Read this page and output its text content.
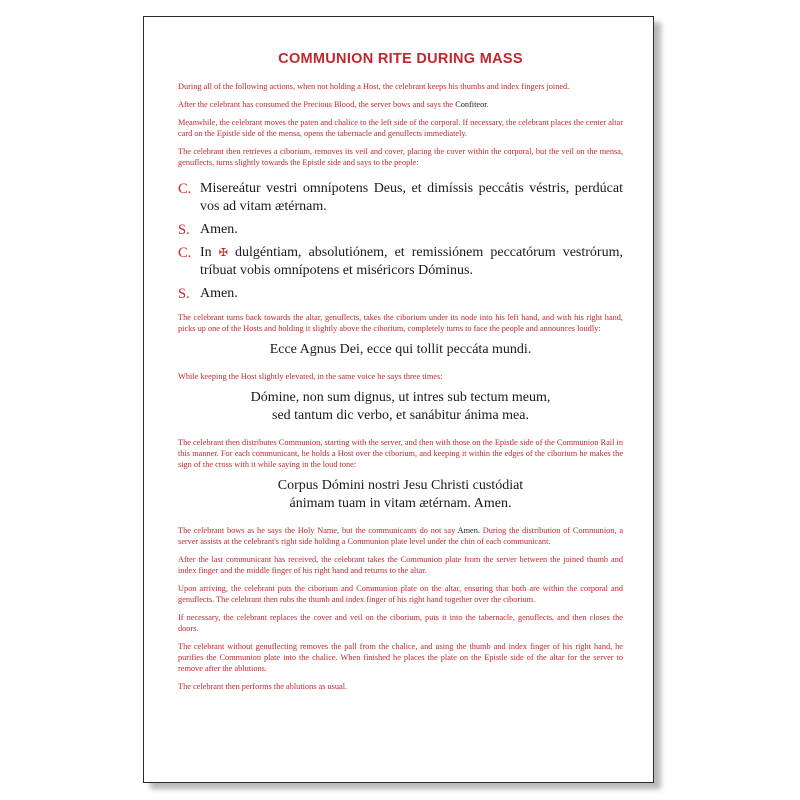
COMMUNION RITE DURING MASS

During all of the following actions, when not holding a Host, the celebrant keeps his thumbs and index fingers joined.

After the celebrant has consumed the Precious Blood, the server bows and says the Confiteor.

Meanwhile, the celebrant moves the paten and chalice to the left side of the corporal. If necessary, the celebrant places the center altar card on the Epistle side of the mensa, opens the tabernacle and genuflects immediately.

The celebrant then retrieves a ciborium, removes its veil and cover, placing the cover within the corporal, but the veil on the mensa, genuflects, turns slightly towards the Epistle side and says to the people:

C. Misereátur vestri omnípotens Deus, et dimíssis peccátis véstris, perdúcat vos ad vitam ætérnam.
S. Amen.
C. In ✠ dulgéntiam, absolutiónem, et remissiónem peccatórum vestrórum, tríbuat vobis omnípotens et miséricors Dóminus.
S. Amen.

The celebrant turns back towards the altar, genuflects, takes the ciborium under its node into his left hand, and with his right hand, picks up one of the Hosts and holding it slightly above the ciborium, completely turns to face the people and announces loudly:

Ecce Agnus Dei, ecce qui tollit peccáta mundi.

While keeping the Host slightly elevated, in the same voice he says three times:

Dómine, non sum dignus, ut intres sub tectum meum,
sed tantum dic verbo, et sanábitur ánima mea.

The celebrant then distributes Communion, starting with the server, and then with those on the Epistle side of the Communion Rail in this manner. For each communicant, he holds a Host over the ciborium, and keeping it within the edges of the ciborium he makes the sign of the cross with it while saying in the loud tone:

Corpus Dómini nostri Jesu Christi custódiat
ánimam tuam in vitam ætérnam. Amen.

The celebrant bows as he says the Holy Name, but the communicants do not say Amen. During the distribution of Communion, a server assists at the celebrant's right side holding a Communion plate level under the chin of each communicant.

After the last communicant has received, the celebrant takes the Communion plate from the server between the joined thumb and index finger and the middle finger of his right hand and returns to the altar.

Upon arriving, the celebrant puts the ciborium and Communion plate on the altar, ensuring that both are within the corporal and genuflects. The celebrant then rubs the thumb and index finger of his right hand together over the ciborium.

If necessary, the celebrant replaces the cover and veil on the ciborium, puts it into the tabernacle, genuflects, and then closes the doors.

The celebrant without genuflecting removes the pall from the chalice, and using the thumb and index finger of his right hand, he purifies the Communion plate into the chalice. When finished he places the plate on the Epistle side of the altar for the server to remove after the ablutions.

The celebrant then performs the ablutions as usual.
